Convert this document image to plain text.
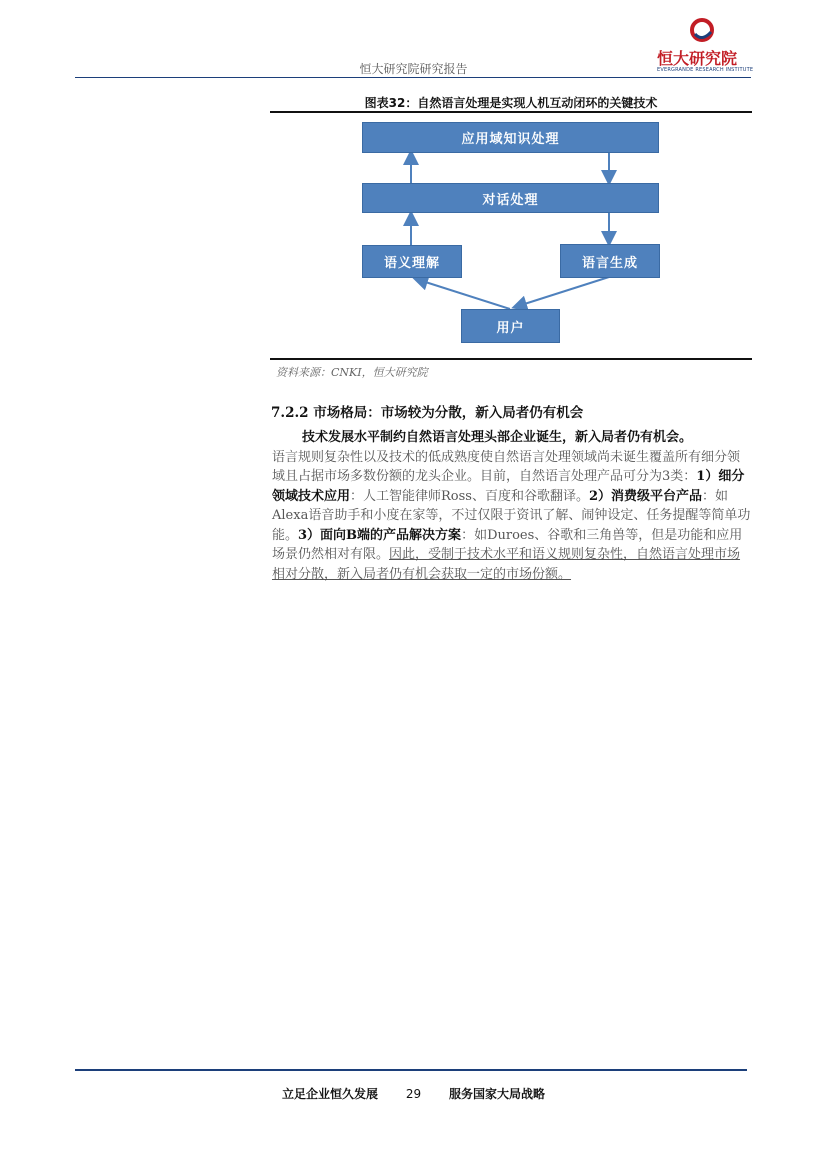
恒大研究院研究报告
恒大研究院
EVERGRANDE RESEARCH INSTITUTE
图表32：自然语言处理是实现人机互动闭环的关键技术
应用域知识处理
对话处理
语义理解	语言生成
用户
资料来源：CNKI，恒大研究院
7.2.2 市场格局：市场较为分散，新入局者仍有机会
技术发展水平制约自然语言处理头部企业诞生，新入局者仍有机会。
语言规则复杂性以及技术的低成熟度使自然语言处理领域尚未诞生覆盖所有细分领域且占据市场多数份额的龙头企业。目前，自然语言处理产品可分为3类：1）细分领域技术应用：人工智能律师Ross、百度和谷歌翻译。2）消费级平台产品：如Alexa语音助手和小度在家等，不过仅限于资讯了解、闹钟设定、任务提醒等简单功能。3）面向B端的产品解决方案：如Duroes、谷歌和三角兽等，但是功能和应用场景仍然相对有限。因此，受制于技术水平和语义规则复杂性，自然语言处理市场相对分散，新入局者仍有机会获取一定的市场份额。
立足企业恒久发展 29 服务国家大局战略
